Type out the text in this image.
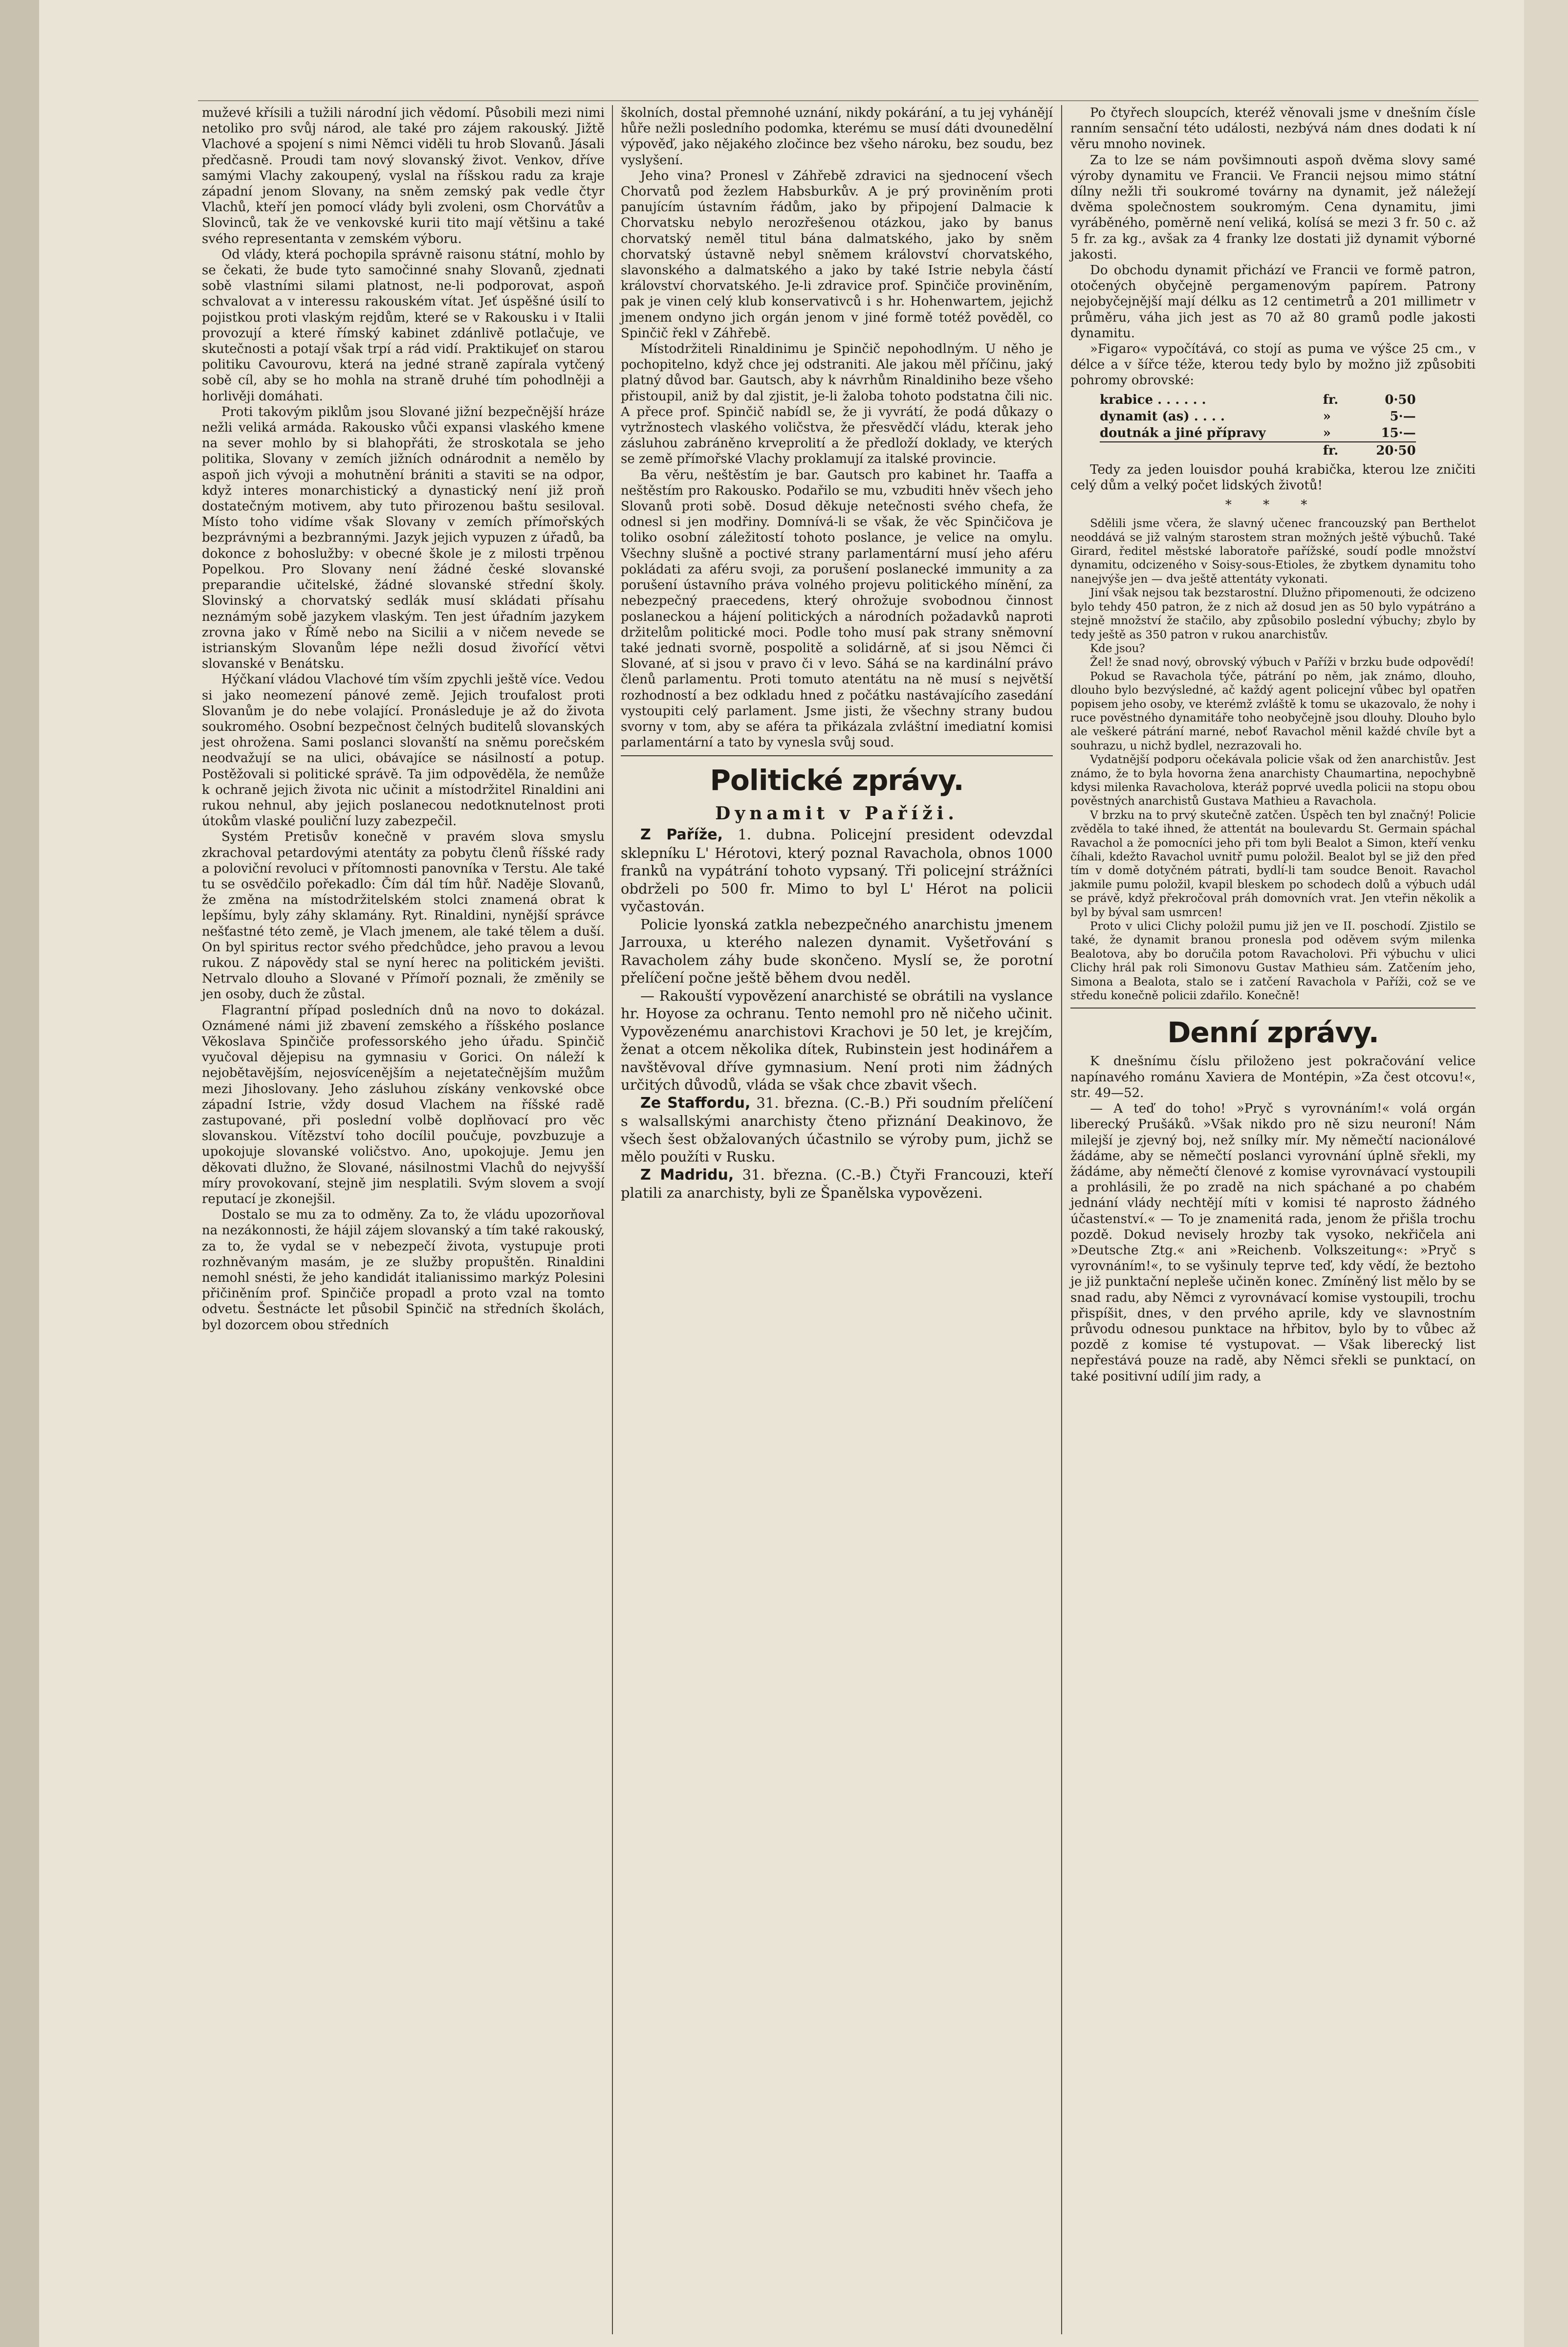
muževé křísili a tužili národní jich vědomí. Působili mezi nimi netoliko pro svůj národ, ale také pro zájem rakouský. Jižtě Vlachové a spojení s nimi Němci viděli tu hrob Slovanů. Jásali předčasně. Proudi tam nový slovanský život. Venkov, dříve samými Vlachy zakoupený, vyslal na říšskou radu za kraje západní jenom Slovany, na sněm zemský pak vedle čtyr Vlachů, kteří jen pomocí vlády byli zvoleni, osm Chorvátův a Slovinců, tak že ve venkovské kurii tito mají většinu a také svého representanta v zemském výboru.

Od vlády, která pochopila správně raisonu státní, mohlo by se čekati, že bude tyto samočinné snahy Slovanů, zjednati sobě vlastními silami platnost, ne-li podporovat, aspoň schvalovat a v interessu rakouském vítat. Jeť úspěšné úsilí to pojistkou proti vlaským rejdům, které se v Rakousku i v Italii provozují a které římský kabinet zdánlivě potlačuje, ve skutečnosti a potají však trpí a rád vidí. Praktikujeť on starou politiku Cavourovu, která na jedné straně zapírala vytčený sobě cíl, aby se ho mohla na straně druhé tím pohodlněji a horlivěji domáhati.

Proti takovým piklům jsou Slované jižní bezpečnější hráze nežli veliká armáda. Rakousko vůči expansi vlaského kmene na sever mohlo by si blahopřáti, že stroskotala se jeho politika, Slovany v zemích jižních odnárodnit a nemělo by aspoň jich vývoji a mohutnění brániti a staviti se na odpor, když interes monarchistický a dynastický není již proň dostatečným motivem, aby tuto přirozenou baštu sesiloval. Místo toho vidíme však Slovany v zemích přímořských bezprávnými a bezbrannými. Jazyk jejich vypuzen z úřadů, ba dokonce z bohoslužby: v obecné škole je z milosti trpěnou Popelkou. Pro Slovany není žádné české slovanské preparandie učitelské, žádné slovanské střední školy. Slovinský a chorvatský sedlák musí skládati přísahu neznámým sobě jazykem vlaským. Ten jest úřadním jazykem zrovna jako v Římě nebo na Sicilii a v ničem nevede se istrianským Slovanům lépe nežli dosud živořící větvi slovanské v Benátsku.

Hýčkaní vládou Vlachové tím vším zpychli ještě více. Vedou si jako neomezení pánové země. Jejich troufalost proti Slovanům je do nebe volající. Pronásleduje je až do života soukromého. Osobní bezpečnost čelných buditelů slovanských jest ohrožena. Sami poslanci slovanští na sněmu porečském neodvažují se na ulici, obávajíce se násilností a potup. Postěžovali si politické správě. Ta jim odpověděla, že nemůže k ochraně jejich života nic učinit a místodržitel Rinaldini ani rukou nehnul, aby jejich poslanecou nedotknutelnost proti útokům vlaské pouliční luzy zabezpečil.

Systém Pretisův konečně v pravém slova smyslu zkrachoval petardovými atentáty za pobytu členů říšské rady a poloviční revoluci v přítomnosti panovníka v Terstu. Ale také tu se osvědčilo pořekadlo: Čím dál tím hůř. Naděje Slovanů, že změna na místodržitelském stolci znamená obrat k lepšímu, byly záhy sklamány. Ryt. Rinaldini, nynější správce nešťastné této země, je Vlach jmenem, ale také tělem a duší. On byl spiritus rector svého předchůdce, jeho pravou a levou rukou. Z nápovědy stal se nyní herec na politickém jevišti. Netrvalo dlouho a Slované v Přímoří poznali, že změnily se jen osoby, duch že zůstal.

Flagrantní případ posledních dnů na novo to dokázal. Oznámené námi již zbavení zemského a říšského poslance Věkoslava Spinčiče professorského jeho úřadu. Spinčič vyučoval dějepisu na gymnasiu v Gorici. On náleží k nejobětavějším, nejosvícenějším a nejetatečnějším mužům mezi Jihoslovany. Jeho zásluhou získány venkovské obce západní Istrie, vždy dosud Vlachem na říšské radě zastupované, při poslední volbě doplňovací pro věc slovanskou. Vítězství toho docílil poučuje, povzbuzuje a upokojuje slovanské voličstvo. Ano, upokojuje. Jemu jen děkovati dlužno, že Slované, násilnostmi Vlachů do nejvyšší míry provokovaní, stejně jim nesplatili. Svým slovem a svojí reputací je zkonejšil.

Dostalo se mu za to odměny. Za to, že vládu upozorňoval na nezákonnosti, že hájil zájem slovanský a tím také rakouský, za to, že vydal se v nebezpečí života, vystupuje proti rozhněvaným masám, je ze služby propuštěn. Rinaldini nemohl snésti, že jeho kandidát italianissimo markýz Polesini přičiněním prof. Spinčiče propadl a proto vzal na tomto odvetu. Šestnácte let působil Spinčič na středních školách, byl dozorcem obou středních

školních, dostal přemnohé uznání, nikdy pokárání, a tu jej vyhánějí hůře nežli posledního podomka, kterému se musí dáti dvounedělní výpověď, jako nějakého zločince bez všeho nároku, bez soudu, bez vyslyšení.

Jeho vina? Pronesl v Záhřebě zdravici na sjednocení všech Chorvatů pod žezlem Habsburkův. A je prý proviněním proti panujícím ústavním řádům, jako by připojení Dalmacie k Chorvatsku nebylo nerozřešenou otázkou, jako by banus chorvatský neměl titul bána dalmatského, jako by sněm chorvatský ústavně nebyl sněmem království chorvatského, slavonského a dalmatského a jako by také Istrie nebyla částí království chorvatského. Je-li zdravice prof. Spinčiče proviněním, pak je vinen celý klub konservativců i s hr. Hohenwartem, jejichž jmenem ondyno jich orgán jenom v jiné formě totéž pověděl, co Spinčič řekl v Záhřebě.

Místodržiteli Rinaldinimu je Spinčič nepohodlným. U něho je pochopitelno, když chce jej odstraniti. Ale jakou měl příčinu, jaký platný důvod bar. Gautsch, aby k návrhům Rinaldiniho beze všeho přistoupil, aniž by dal zjistit, je-li žaloba tohoto podstatna čili nic. A přece prof. Spinčič nabídl se, že ji vyvrátí, že podá důkazy o vytržnostech vlaského voličstva, že přesvědčí vládu, kterak jeho zásluhou zabráněno krveprolití a že předloží doklady, ve kterých se země přímořské Vlachy proklamují za italské provincie.

Ba věru, neštěstím je bar. Gautsch pro kabinet hr. Taaffa a neštěstím pro Rakousko. Podařilo se mu, vzbuditi hněv všech jeho Slovanů proti sobě. Dosud děkuje netečnosti svého chefa, že odnesl si jen modřiny. Domnívá-li se však, že věc Spinčičova je toliko osobní záležitostí tohoto poslance, je velice na omylu. Všechny slušně a poctivé strany parlamentární musí jeho aféru pokládati za aféru svoji, za porušení poslanecké immunity a za porušení ústavního práva volného projevu politického mínění, za nebezpečný praecedens, který ohrožuje svobodnou činnost poslaneckou a hájení politických a národních požadavků naproti držitelům politické moci. Podle toho musí pak strany sněmovní také jednati svorně, pospolitě a solidárně, ať si jsou Němci či Slované, ať si jsou v pravo či v levo. Sáhá se na kardinální právo členů parlamentu. Proti tomuto atentátu na ně musí s největší rozhodností a bez odkladu hned z počátku nastávajícího zasedání vystoupiti celý parlament. Jsme jisti, že všechny strany budou svorny v tom, aby se aféra ta přikázala zvláštní imediatní komisi parlamentární a tato by vynesla svůj soud.

Politické zprávy.
Dynamit v Paříži.

Z Paříže, 1. dubna. Policejní president odevzdal sklepníku L' Hérotovi, který poznal Ravachola, obnos 1000 franků na vypátrání tohoto vypsaný. Tři policejní strážníci obdrželi po 500 fr. Mimo to byl L' Hérot na policii vyčastován.

Policie lyonská zatkla nebezpečného anarchistu jmenem Jarrouxa, u kterého nalezen dynamit. Vyšetřování s Ravacholem záhy bude skončeno. Myslí se, že porotní přelíčení počne ještě během dvou neděl.

— Rakouští vypovězení anarchisté se obrátili na vyslance hr. Hoyose za ochranu. Tento nemohl pro ně ničeho učinit. Vypovězenému anarchistovi Krachovi je 50 let, je krejčím, ženat a otcem několika dítek, Rubinstein jest hodinářem a navštěvoval dříve gymnasium. Není proti nim žádných určitých důvodů, vláda se však chce zbavit všech.

Ze Staffordu, 31. března. (C.-B.) Při soudním přelíčení s walsallskými anarchisty čteno přiznání Deakinovo, že všech šest obžalovaných účastnilo se výroby pum, jichž se mělo použíti v Rusku.

Z Madridu, 31. března. (C.-B.) Čtyři Francouzi, kteří platili za anarchisty, byli ze Španělska vypovězeni.

Po čtyřech sloupcích, kteréž věnovali jsme v dnešním čísle ranním sensační této události, nezbývá nám dnes dodati k ní věru mnoho novinek.

Za to lze se nám povšimnouti aspoň dvěma slovy samé výroby dynamitu ve Francii. Ve Francii nejsou mimo státní dílny nežli tři soukromé továrny na dynamit, jež náležejí dvěma společnostem soukromým. Cena dynamitu, jimi vyráběného, poměrně není veliká, kolísá se mezi 3 fr. 50 c. až 5 fr. za kg., avšak za 4 franky lze dostati již dynamit výborné jakosti.

Do obchodu dynamit přichází ve Francii ve formě patron, otočených obyčejně pergamenovým papírem. Patrony nejobyčejnější mají délku as 12 centimetrů a 201 millimetr v průměru, váha jich jest as 70 až 80 gramů podle jakosti dynamitu.

»Figaro« vypočítává, co stojí as puma ve výšce 25 cm., v délce a v šířce téže, kterou tedy bylo by možno již způsobiti pohromy obrovské:

krabice . . . . . .	fr.	0·50
dynamit (as) . . . .	»	5·—
doutnák a jiné přípravy	»	15·—
	fr.	20·50

Tedy za jeden louisdor pouhá krabička, kterou lze zničiti celý dům a velký počet lidských životů!

* * *

Sdělili jsme včera, že slavný učenec francouzský pan Berthelot neoddává se již valným starostem stran možných ještě výbuchů. Také Girard, ředitel městské laboratoře pařížské, soudí podle množství dynamitu, odcizeného v Soisy-sous-Etioles, že zbytkem dynamitu toho nanejvýše jen — dva ještě attentáty vykonati.

Jiní však nejsou tak bezstarostní. Dlužno připomenouti, že odcizeno bylo tehdy 450 patron, že z nich až dosud jen as 50 bylo vypátráno a stejně množství že stačilo, aby způsobilo poslední výbuchy; zbylo by tedy ještě as 350 patron v rukou anarchistův.

Kde jsou?

Žel! že snad nový, obrovský výbuch v Paříži v brzku bude odpovědí!

Pokud se Ravachola týče, pátrání po něm, jak známo, dlouho, dlouho bylo bezvýsledné, ač každý agent policejní vůbec byl opatřen popisem jeho osoby, ve kterémž zvláště k tomu se ukazovalo, že nohy i ruce pověstného dynamitáře toho neobyčejně jsou dlouhy. Dlouho bylo ale veškeré pátrání marné, neboť Ravachol měnil každé chvíle byt a souhrazu, u nichž bydlel, nezrazovali ho.

Vydatnější podporu očekávala policie však od žen anarchistův. Jest známo, že to byla hovorna žena anarchisty Chaumartina, nepochybně kdysi milenka Ravacholova, kteráž poprvé uvedla policii na stopu obou pověstných anarchistů Gustava Mathieu a Ravachola.

V brzku na to prvý skutečně zatčen. Úspěch ten byl značný! Policie zvěděla to také ihned, že attentát na boulevardu St. Germain spáchal Ravachol a že pomocníci jeho při tom byli Bealot a Simon, kteří venku číhali, kdežto Ravachol uvnitř pumu položil. Bealot byl se již den před tím v domě dotyčném pátrati, bydlí-li tam soudce Benoit. Ravachol jakmile pumu položil, kvapil bleskem po schodech dolů a výbuch udál se právě, když překročoval práh domovních vrat. Jen vteřin několik a byl by býval sam usmrcen!

Proto v ulici Clichy položil pumu již jen ve II. poschodí. Zjistilo se také, že dynamit branou pronesla pod oděvem svým milenka Bealotova, aby bo doručila potom Ravacholovi. Při výbuchu v ulici Clichy hrál pak roli Simonovu Gustav Mathieu sám. Zatčením jeho, Simona a Bealota, stalo se i zatčení Ravachola v Paříži, což se ve středu konečně policii zdařilo. Konečně!

Denní zprávy.

K dnešnímu číslu přiloženo jest pokračování velice napínavého románu Xaviera de Montépin, »Za čest otcovu!«, str. 49—52.

— A teď do toho! »Pryč s vyrovnáním!« volá orgán liberecký Prušáků. »Však nikdo pro ně sizu neuroní! Nám milejší je zjevný boj, než snílky mír. My němečtí nacionálové žádáme, aby se němečtí poslanci vyrovnání úplně sřekli, my žádáme, aby němečtí členové z komise vyrovnávací vystoupili a prohlásili, že po zradě na nich spáchané a po chabém jednání vlády nechtějí míti v komisi té naprosto žádného účastenství.« — To je znamenitá rada, jenom že přišla trochu pozdě. Dokud nevisely hrozby tak vysoko, nekřičela ani »Deutsche Ztg.« ani »Reichenb. Volkszeitung«: »Pryč s vyrovnáním!«, to se vyšinuly teprve teď, kdy vědí, že beztoho je již punktační nepleše učiněn konec. Zmíněný list mělo by se snad radu, aby Němci z vyrovnávací komise vystoupili, trochu přispíšit, dnes, v den prvého aprile, kdy ve slavnostním průvodu odnesou punktace na hřbitov, bylo by to vůbec až pozdě z komise té vystupovat. — Však liberecký list nepřestává pouze na radě, aby Němci sřekli se punktací, on také positivní udílí jim rady, a
